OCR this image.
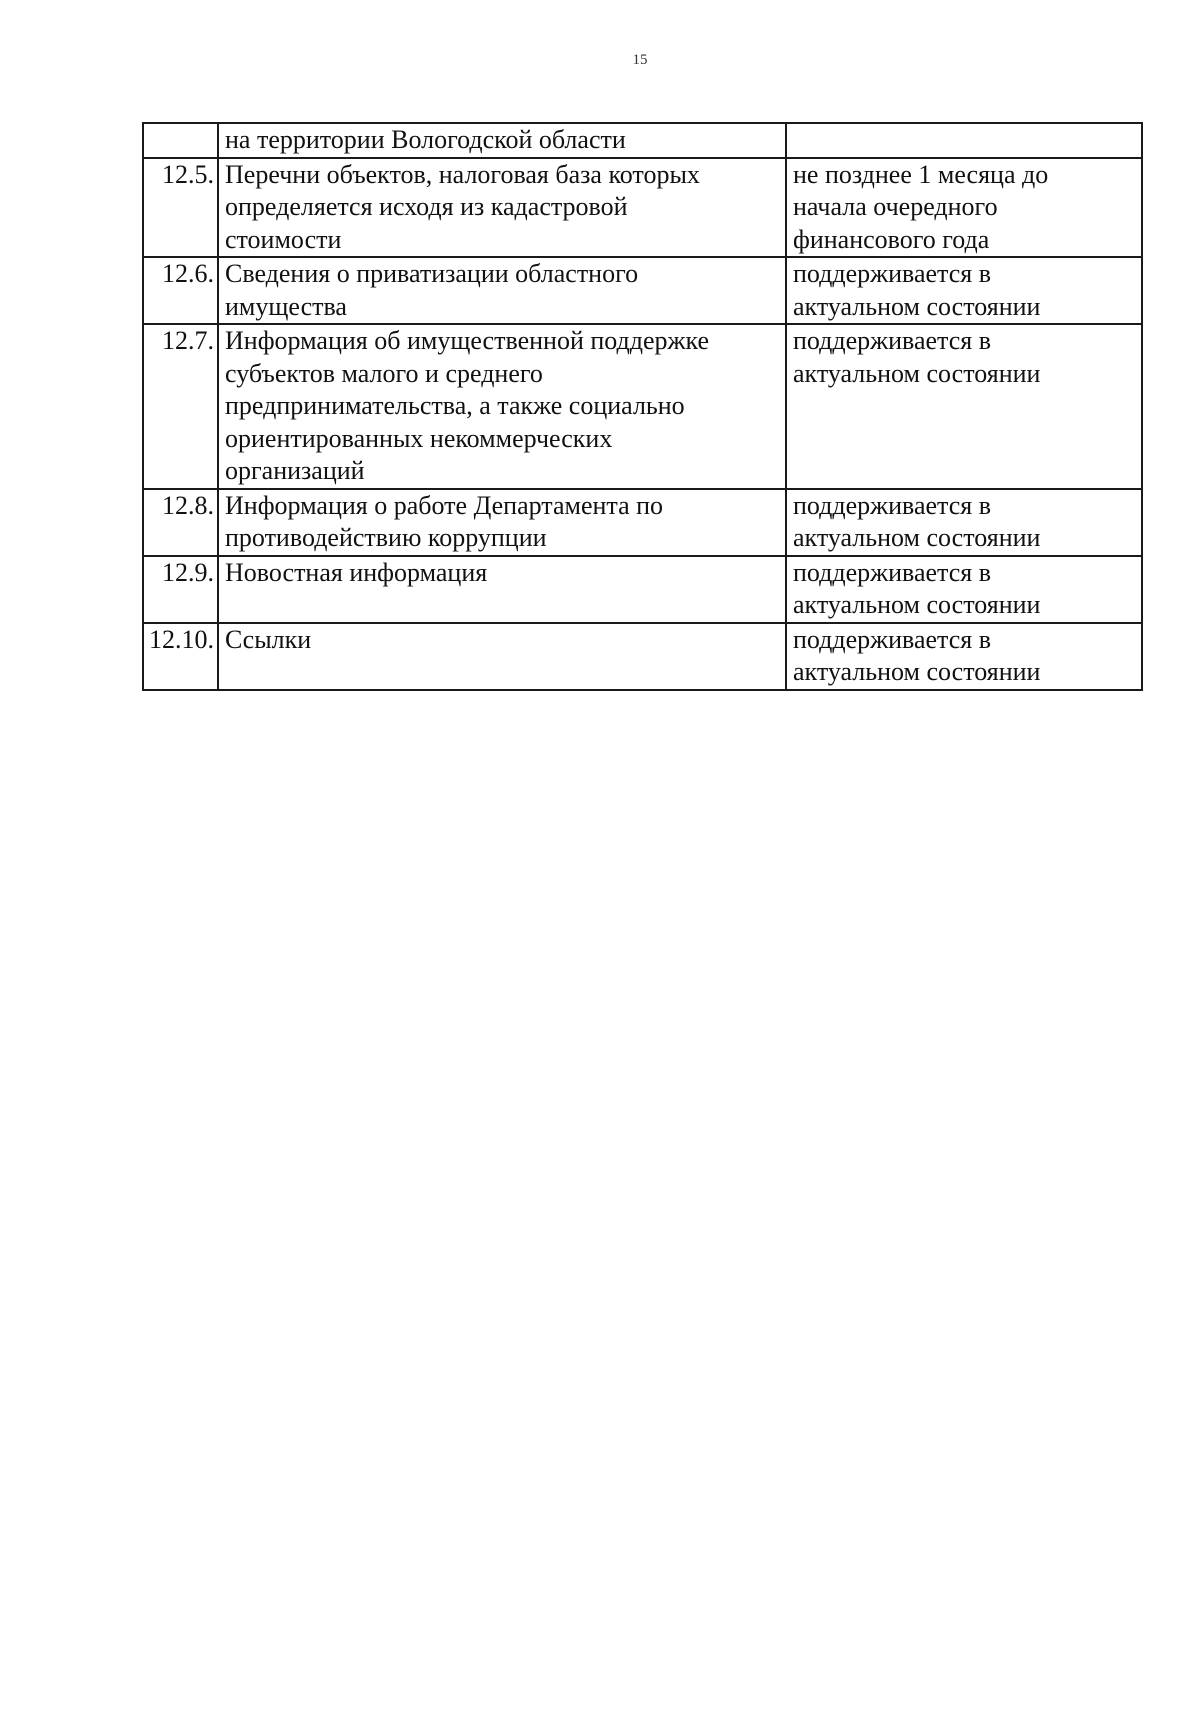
15
	на территории Вологодской области	
12.5.	Перечни объектов, налоговая база которых
определяется исходя из кадастровой
стоимости	не позднее 1 месяца до
начала очередного
финансового года
12.6.	Сведения о приватизации областного
имущества	поддерживается в
актуальном состоянии
12.7.	Информация об имущественной поддержке
субъектов малого и среднего
предпринимательства, а также социально
ориентированных некоммерческих
организаций	поддерживается в
актуальном состоянии
12.8.	Информация о работе Департамента по
противодействию коррупции	поддерживается в
актуальном состоянии
12.9.	Новостная информация	поддерживается в
актуальном состоянии
12.10.	Ссылки	поддерживается в
актуальном состоянии
